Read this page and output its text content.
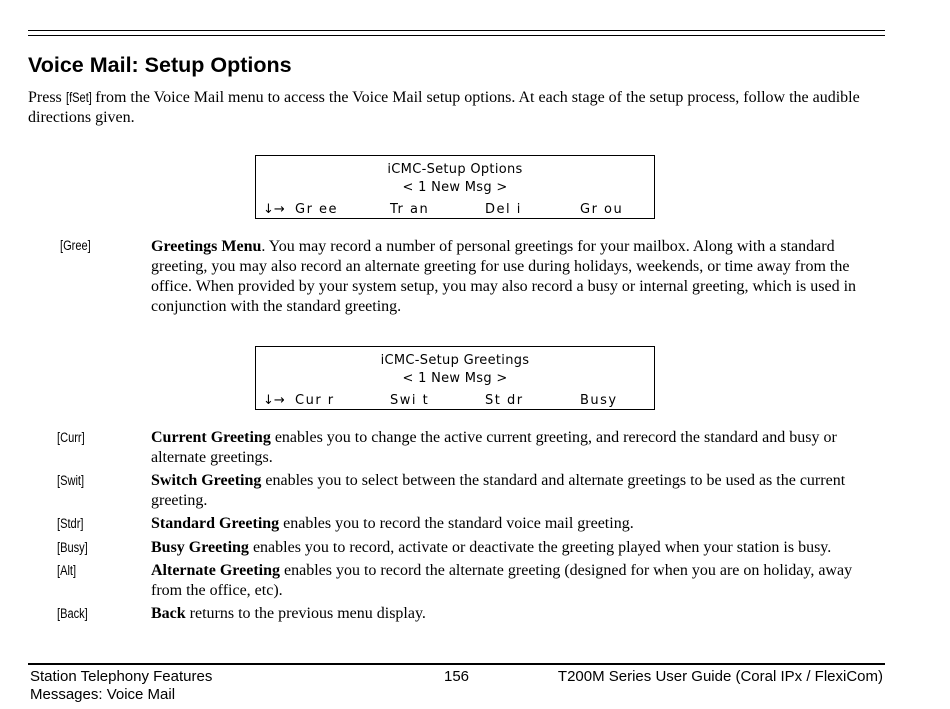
Voice Mail: Setup Options
Press [fSet] from the Voice Mail menu to access the Voice Mail setup options. At each stage of the setup process, follow the audible directions given.
iCMC-Setup Options
< 1 New Msg >
↓→ Gr ee	Tr an	Del i	Gr ou
[Gree]	Greetings Menu. You may record a number of personal greetings for your mailbox. Along with a standard greeting, you may also record an alternate greeting for use during holidays, weekends, or time away from the office. When provided by your system setup, you may also record a busy or internal greeting, which is used in conjunction with the standard greeting.
iCMC-Setup Greetings
< 1 New Msg >
↓→ Cur r	Swi t	St dr	Busy
[Curr]	Current Greeting enables you to change the active current greeting, and rerecord the standard and busy or alternate greetings.
[Swit]	Switch Greeting enables you to select between the standard and alternate greetings to be used as the current greeting.
[Stdr]	Standard Greeting enables you to record the standard voice mail greeting.
[Busy]	Busy Greeting enables you to record, activate or deactivate the greeting played when your station is busy.
[Alt]	Alternate Greeting enables you to record the alternate greeting (designed for when you are on holiday, away from the office, etc).
[Back]	Back returns to the previous menu display.
Station Telephony Features
Messages: Voice Mail
156	T200M Series User Guide (Coral IPx / FlexiCom)
